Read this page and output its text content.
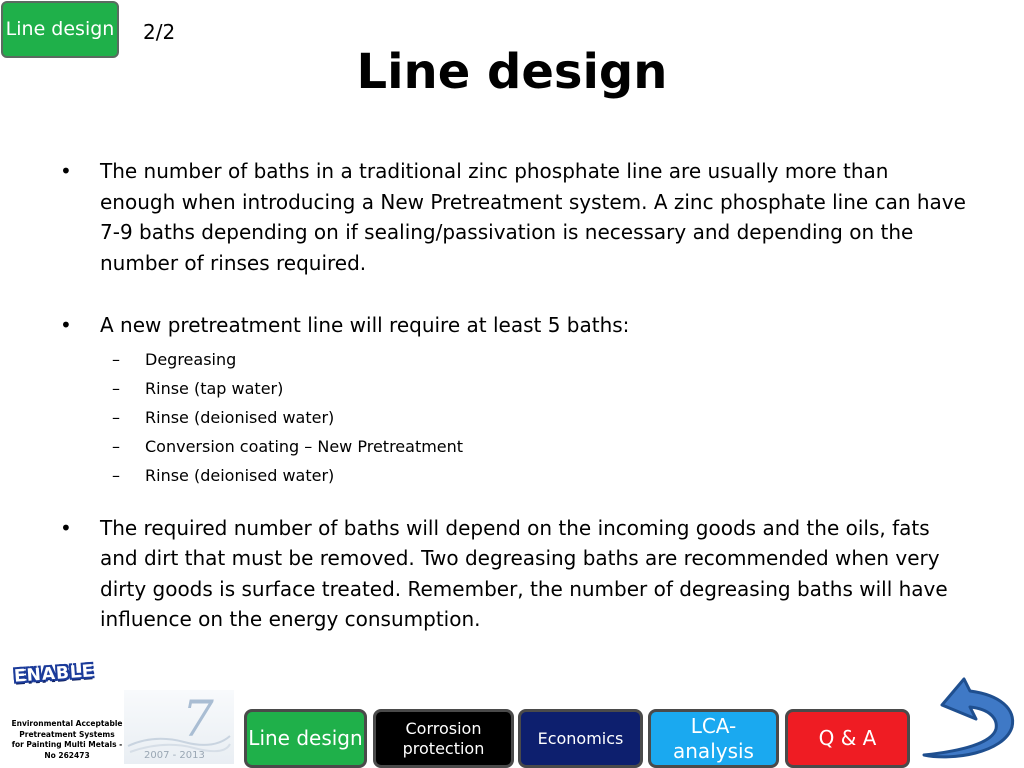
Line design 2/2
Line design
• The number of baths in a traditional zinc phosphate line are usually more than enough when introducing a New Pretreatment system. A zinc phosphate line can have 7-9 baths depending on if sealing/passivation is necessary and depending on the number of rinses required.
• A new pretreatment line will require at least 5 baths:
– Degreasing
– Rinse (tap water)
– Rinse (deionised water)
– Conversion coating – New Pretreatment
– Rinse (deionised water)
• The required number of baths will depend on the incoming goods and the oils, fats and dirt that must be removed. Two degreasing baths are recommended when very dirty goods is surface treated. Remember, the number of degreasing baths will have influence on the energy consumption.
ENABLE
Environmental Acceptable
Pretreatment Systems
for Painting Multi Metals -
No 262473
7
2007 - 2013
Line design	Corrosion protection
Economics
LCA-analysis
Q & A
